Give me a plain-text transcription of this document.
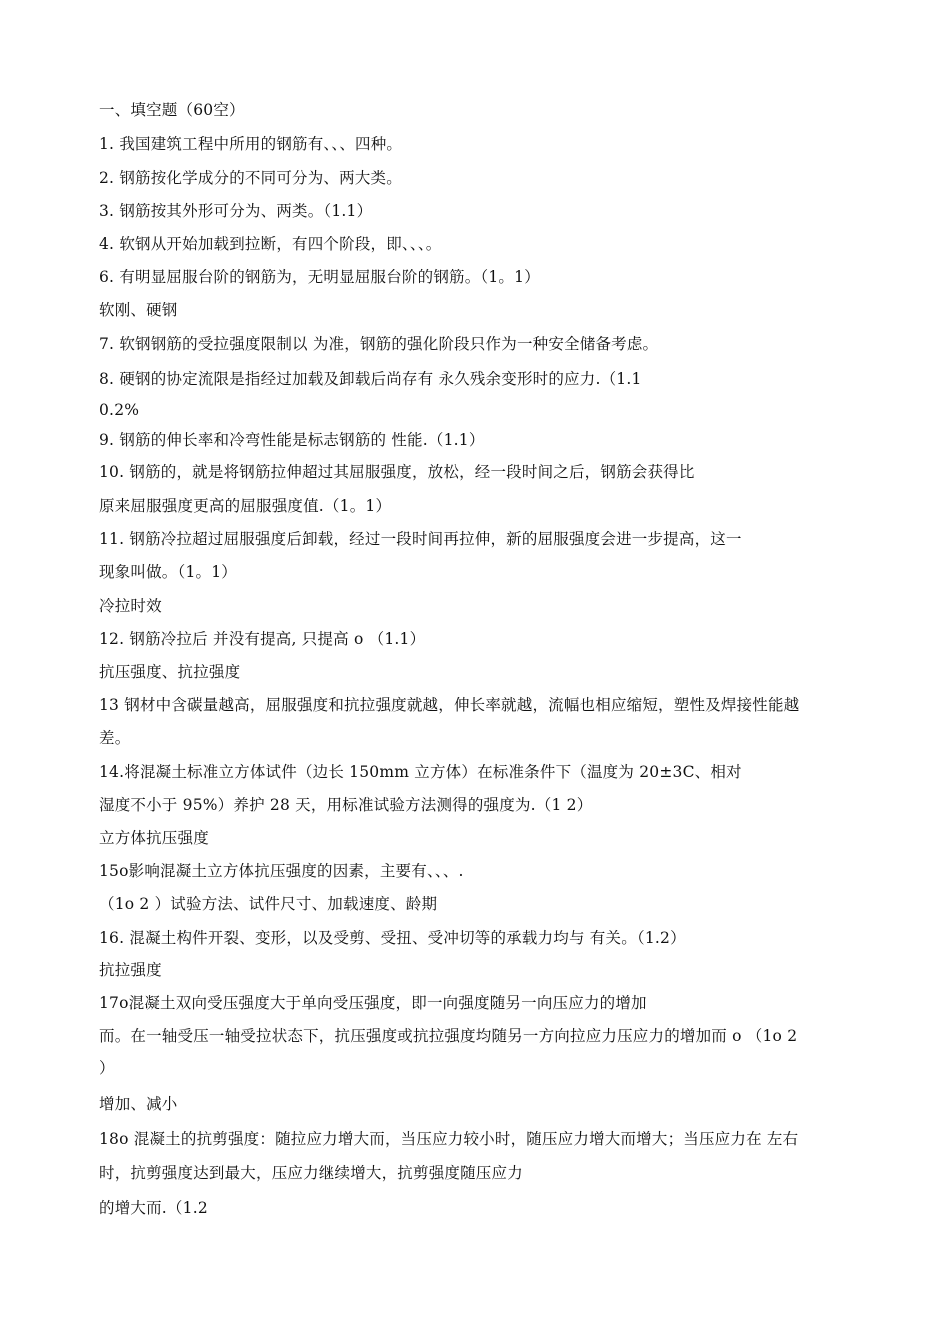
一、填空题（60空）
1. 我国建筑工程中所用的钢筋有、、、四种。
2. 钢筋按化学成分的不同可分为、两大类。
3. 钢筋按其外形可分为、两类。（1.1）
4. 软钢从开始加载到拉断，有四个阶段，即、、、。
6. 有明显屈服台阶的钢筋为，无明显屈服台阶的钢筋。（1。1）
软刚、硬钢
7. 软钢钢筋的受拉强度限制以 为准，钢筋的强化阶段只作为一种安全储备考虑。
8. 硬钢的协定流限是指经过加载及卸载后尚存有 永久残余变形时的应力.（1.1
0.2%
9. 钢筋的伸长率和冷弯性能是标志钢筋的 性能.（1.1）
10. 钢筋的，就是将钢筋拉伸超过其屈服强度，放松，经一段时间之后，钢筋会获得比
原来屈服强度更高的屈服强度值.（1。1）
11. 钢筋冷拉超过屈服强度后卸载，经过一段时间再拉伸，新的屈服强度会进一步提高，这一
现象叫做。（1。1）
冷拉时效
12. 钢筋冷拉后 并没有提高, 只提高 o （1.1）
抗压强度、抗拉强度
13 钢材中含碳量越高，屈服强度和抗拉强度就越，伸长率就越，流幅也相应缩短，塑性及焊接性能越
差。
14.将混凝土标准立方体试件（边长 150mm 立方体）在标准条件下（温度为 20±3C、相对
湿度不小于 95%）养护 28 天，用标准试验方法测得的强度为.（1 2）
立方体抗压强度
15o影响混凝土立方体抗压强度的因素，主要有、、、.
（1o 2 ）试验方法、试件尺寸、加载速度、龄期
16. 混凝土构件开裂、变形，以及受剪、受扭、受冲切等的承载力均与 有关。（1.2）
抗拉强度
17o混凝土双向受压强度大于单向受压强度，即一向强度随另一向压应力的增加
而。在一轴受压一轴受拉状态下，抗压强度或抗拉强度均随另一方向拉应力压应力的增加而 o （1o 2
）
增加、减小
18o 混凝土的抗剪强度：随拉应力增大而，当压应力较小时，随压应力增大而增大；当压应力在 左右
时，抗剪强度达到最大，压应力继续增大，抗剪强度随压应力
的增大而.（1.2
